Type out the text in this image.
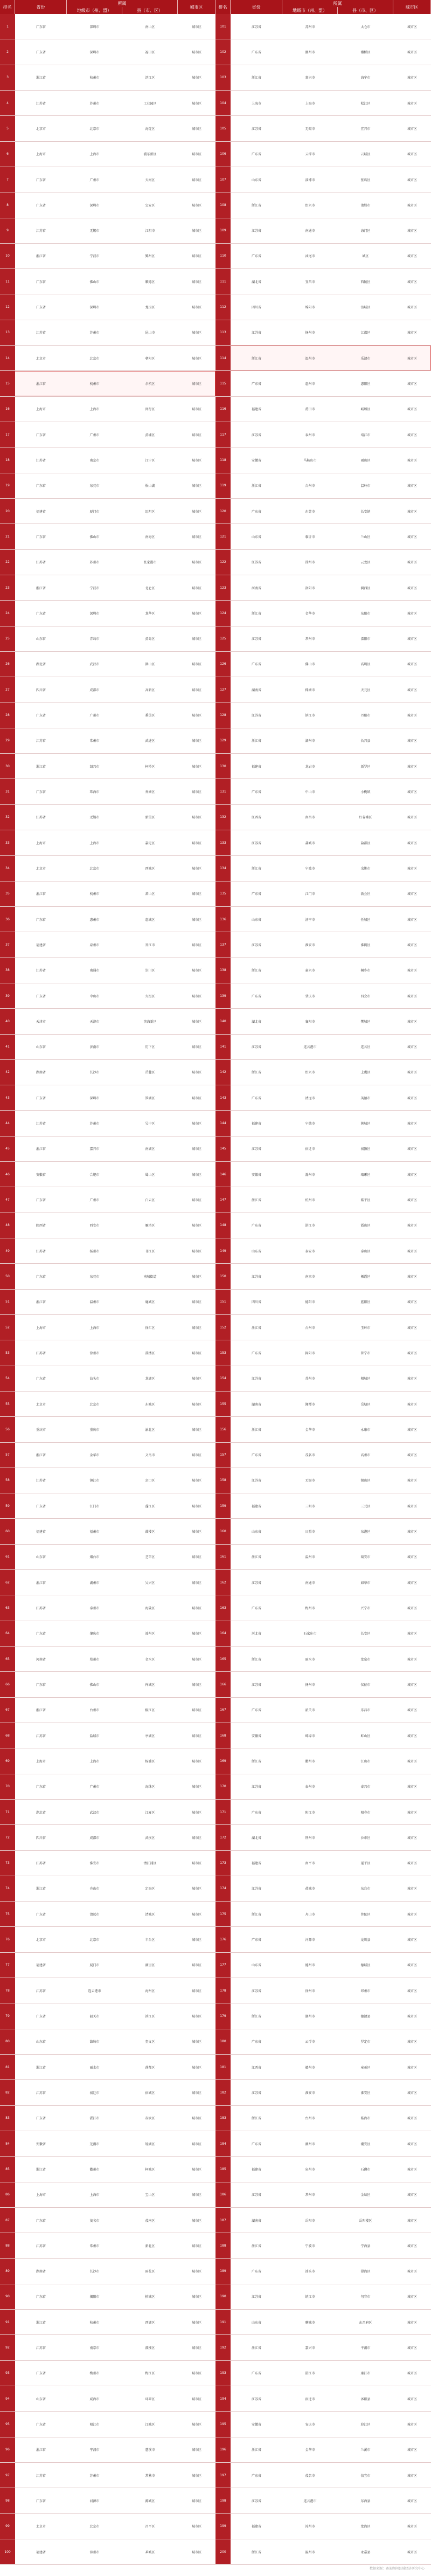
排名	省份
所属
地级市（州、盟）	县（市、区）
城市区
1	广东省	深圳市	南山区	城市区
2	广东省	深圳市	福田区	城市区
3	浙江省	杭州市	滨江区	城市区
4	江苏省	苏州市	工业园区	城市区
5	北京市	北京市	海淀区	城市区
6	上海市	上海市	浦东新区	城市区
7	广东省	广州市	天河区	城市区
8	广东省	深圳市	宝安区	城市区
9	江苏省	无锡市	江阴市	城市区
10	浙江省	宁波市	鄞州区	城市区
11	广东省	佛山市	顺德区	城市区
12	广东省	深圳市	龙岗区	城市区
13	江苏省	苏州市	昆山市	城市区
14	北京市	北京市	朝阳区	城市区
15	浙江省	杭州市	余杭区	城市区
16	上海市	上海市	闵行区	城市区
17	广东省	广州市	黄埔区	城市区
18	江苏省	南京市	江宁区	城市区
19	广东省	东莞市	松山湖	城市区
20	福建省	厦门市	思明区	城市区
21	广东省	佛山市	南海区	城市区
22	江苏省	苏州市	张家港市	城市区
23	浙江省	宁波市	北仑区	城市区
24	广东省	深圳市	龙华区	城市区
25	山东省	青岛市	黄岛区	城市区
26	湖北省	武汉市	洪山区	城市区
27	四川省	成都市	高新区	城市区
28	广东省	广州市	番禺区	城市区
29	江苏省	常州市	武进区	城市区
30	浙江省	绍兴市	柯桥区	城市区
31	广东省	珠海市	香洲区	城市区
32	江苏省	无锡市	新吴区	城市区
33	上海市	上海市	嘉定区	城市区
34	北京市	北京市	西城区	城市区
35	浙江省	杭州市	萧山区	城市区
36	广东省	惠州市	惠城区	城市区
37	福建省	泉州市	晋江市	城市区
38	江苏省	南通市	崇川区	城市区
39	广东省	中山市	火炬区	城市区
40	天津市	天津市	滨海新区	城市区
41	山东省	济南市	历下区	城市区
42	湖南省	长沙市	岳麓区	城市区
43	广东省	深圳市	罗湖区	城市区
44	江苏省	苏州市	吴中区	城市区
45	浙江省	嘉兴市	南湖区	城市区
46	安徽省	合肥市	蜀山区	城市区
47	广东省	广州市	白云区	城市区
48	陕西省	西安市	雁塔区	城市区
49	江苏省	扬州市	邗江区	城市区
50	广东省	东莞市	南城街道	城市区
51	浙江省	温州市	鹿城区	城市区
52	上海市	上海市	徐汇区	城市区
53	江苏省	徐州市	鼓楼区	城市区
54	广东省	汕头市	龙湖区	城市区
55	北京市	北京市	东城区	城市区
56	重庆市	重庆市	渝北区	城市区
57	浙江省	金华市	义乌市	城市区
58	江苏省	镇江市	京口区	城市区
59	广东省	江门市	蓬江区	城市区
60	福建省	福州市	鼓楼区	城市区
61	山东省	烟台市	芝罘区	城市区
62	浙江省	湖州市	吴兴区	城市区
63	江苏省	泰州市	海陵区	城市区
64	广东省	肇庆市	端州区	城市区
65	河南省	郑州市	金水区	城市区
66	广东省	佛山市	禅城区	城市区
67	浙江省	台州市	椒江区	城市区
68	江苏省	盐城市	亭湖区	城市区
69	上海市	上海市	杨浦区	城市区
70	广东省	广州市	海珠区	城市区
71	湖北省	武汉市	江夏区	城市区
72	四川省	成都市	武侯区	城市区
73	江苏省	淮安市	清江浦区	城市区
74	浙江省	舟山市	定海区	城市区
75	广东省	清远市	清城区	城市区
76	北京市	北京市	丰台区	城市区
77	福建省	厦门市	湖里区	城市区
78	江苏省	连云港市	海州区	城市区
79	广东省	韶关市	浈江区	城市区
80	山东省	潍坊市	奎文区	城市区
81	浙江省	丽水市	莲都区	城市区
82	江苏省	宿迁市	宿城区	城市区
83	广东省	湛江市	赤坎区	城市区
84	安徽省	芜湖市	镜湖区	城市区
85	浙江省	衢州市	柯城区	城市区
86	上海市	上海市	宝山区	城市区
87	广东省	茂名市	茂南区	城市区
88	江苏省	常州市	新北区	城市区
89	湖南省	长沙市	雨花区	城市区
90	广东省	揭阳市	榕城区	城市区
91	浙江省	杭州市	西湖区	城市区
92	江苏省	南京市	鼓楼区	城市区
93	广东省	梅州市	梅江区	城市区
94	山东省	威海市	环翠区	城市区
95	广东省	阳江市	江城区	城市区
96	浙江省	宁波市	慈溪市	城市区
97	江苏省	苏州市	常熟市	城市区
98	广东省	河源市	源城区	城市区
99	北京市	北京市	昌平区	城市区
100	福建省	漳州市	芗城区	城市区
排名	省份
所属
地级市（州、盟）	县（市、区）
城市区
101	江苏省	苏州市	太仓市	城市区
102	广东省	潮州市	湘桥区	城市区
103	浙江省	嘉兴市	海宁市	城市区
104	上海市	上海市	松江区	城市区
105	江苏省	无锡市	宜兴市	城市区
106	广东省	云浮市	云城区	城市区
107	山东省	淄博市	张店区	城市区
108	浙江省	绍兴市	诸暨市	城市区
109	江苏省	南通市	海门区	城市区
110	广东省	汕尾市	城区	城市区
111	湖北省	宜昌市	西陵区	城市区
112	四川省	绵阳市	涪城区	城市区
113	江苏省	扬州市	江都区	城市区
114	浙江省	温州市	乐清市	城市区
115	广东省	惠州市	惠阳区	城市区
116	福建省	莆田市	城厢区	城市区
117	江苏省	泰州市	靖江市	城市区
118	安徽省	马鞍山市	雨山区	城市区
119	浙江省	台州市	温岭市	城市区
120	广东省	东莞市	长安镇	城市区
121	山东省	临沂市	兰山区	城市区
122	江苏省	徐州市	云龙区	城市区
123	河南省	洛阳市	涧西区	城市区
124	浙江省	金华市	东阳市	城市区
125	江苏省	常州市	溧阳市	城市区
126	广东省	佛山市	高明区	城市区
127	湖南省	株洲市	天元区	城市区
128	江苏省	镇江市	丹阳市	城市区
129	浙江省	湖州市	长兴县	城市区
130	福建省	龙岩市	新罗区	城市区
131	广东省	中山市	小榄镇	城市区
132	江西省	南昌市	红谷滩区	城市区
133	江苏省	盐城市	盐都区	城市区
134	浙江省	宁波市	余姚市	城市区
135	广东省	江门市	新会区	城市区
136	山东省	济宁市	任城区	城市区
137	江苏省	淮安市	淮阴区	城市区
138	浙江省	嘉兴市	桐乡市	城市区
139	广东省	肇庆市	四会市	城市区
140	湖北省	襄阳市	樊城区	城市区
141	江苏省	连云港市	连云区	城市区
142	浙江省	绍兴市	上虞区	城市区
143	广东省	清远市	英德市	城市区
144	福建省	宁德市	蕉城区	城市区
145	江苏省	宿迁市	宿豫区	城市区
146	安徽省	滁州市	琅琊区	城市区
147	浙江省	杭州市	临平区	城市区
148	广东省	湛江市	霞山区	城市区
149	山东省	泰安市	泰山区	城市区
150	江苏省	南京市	栖霞区	城市区
151	四川省	德阳市	旌阳区	城市区
152	浙江省	台州市	玉环市	城市区
153	广东省	揭阳市	普宁市	城市区
154	江苏省	苏州市	相城区	城市区
155	湖南省	湘潭市	岳塘区	城市区
156	浙江省	金华市	永康市	城市区
157	广东省	茂名市	高州市	城市区
158	江苏省	无锡市	锡山区	城市区
159	福建省	三明市	三元区	城市区
160	山东省	日照市	东港区	城市区
161	浙江省	温州市	瑞安市	城市区
162	江苏省	南通市	如皋市	城市区
163	广东省	梅州市	兴宁市	城市区
164	河北省	石家庄市	长安区	城市区
165	浙江省	丽水市	龙泉市	城市区
166	江苏省	扬州市	仪征市	城市区
167	广东省	韶关市	乐昌市	城市区
168	安徽省	蚌埠市	蚌山区	城市区
169	浙江省	衢州市	江山市	城市区
170	江苏省	泰州市	泰兴市	城市区
171	广东省	阳江市	阳春市	城市区
172	湖北省	荆州市	沙市区	城市区
173	福建省	南平市	延平区	城市区
174	江苏省	盐城市	东台市	城市区
175	浙江省	舟山市	普陀区	城市区
176	广东省	河源市	龙川县	城市区
177	山东省	德州市	德城区	城市区
178	江苏省	徐州市	邳州市	城市区
179	浙江省	湖州市	德清县	城市区
180	广东省	云浮市	罗定市	城市区
181	江西省	赣州市	章贡区	城市区
182	江苏省	淮安市	淮安区	城市区
183	浙江省	台州市	临海市	城市区
184	广东省	潮州市	潮安区	城市区
185	福建省	泉州市	石狮市	城市区
186	江苏省	常州市	金坛区	城市区
187	湖南省	岳阳市	岳阳楼区	城市区
188	浙江省	宁波市	宁海县	城市区
189	广东省	汕头市	澄海区	城市区
190	江苏省	镇江市	句容市	城市区
191	山东省	聊城市	东昌府区	城市区
192	浙江省	嘉兴市	平湖市	城市区
193	广东省	湛江市	廉江市	城市区
194	江苏省	宿迁市	沭阳县	城市区
195	安徽省	安庆市	迎江区	城市区
196	浙江省	金华市	兰溪市	城市区
197	广东省	茂名市	信宜市	城市区
198	江苏省	连云港市	东海县	城市区
199	福建省	漳州市	龙海区	城市区
200	浙江省	温州市	永嘉县	城市区
数据来源：赛迪顾问县域经济研究中心
